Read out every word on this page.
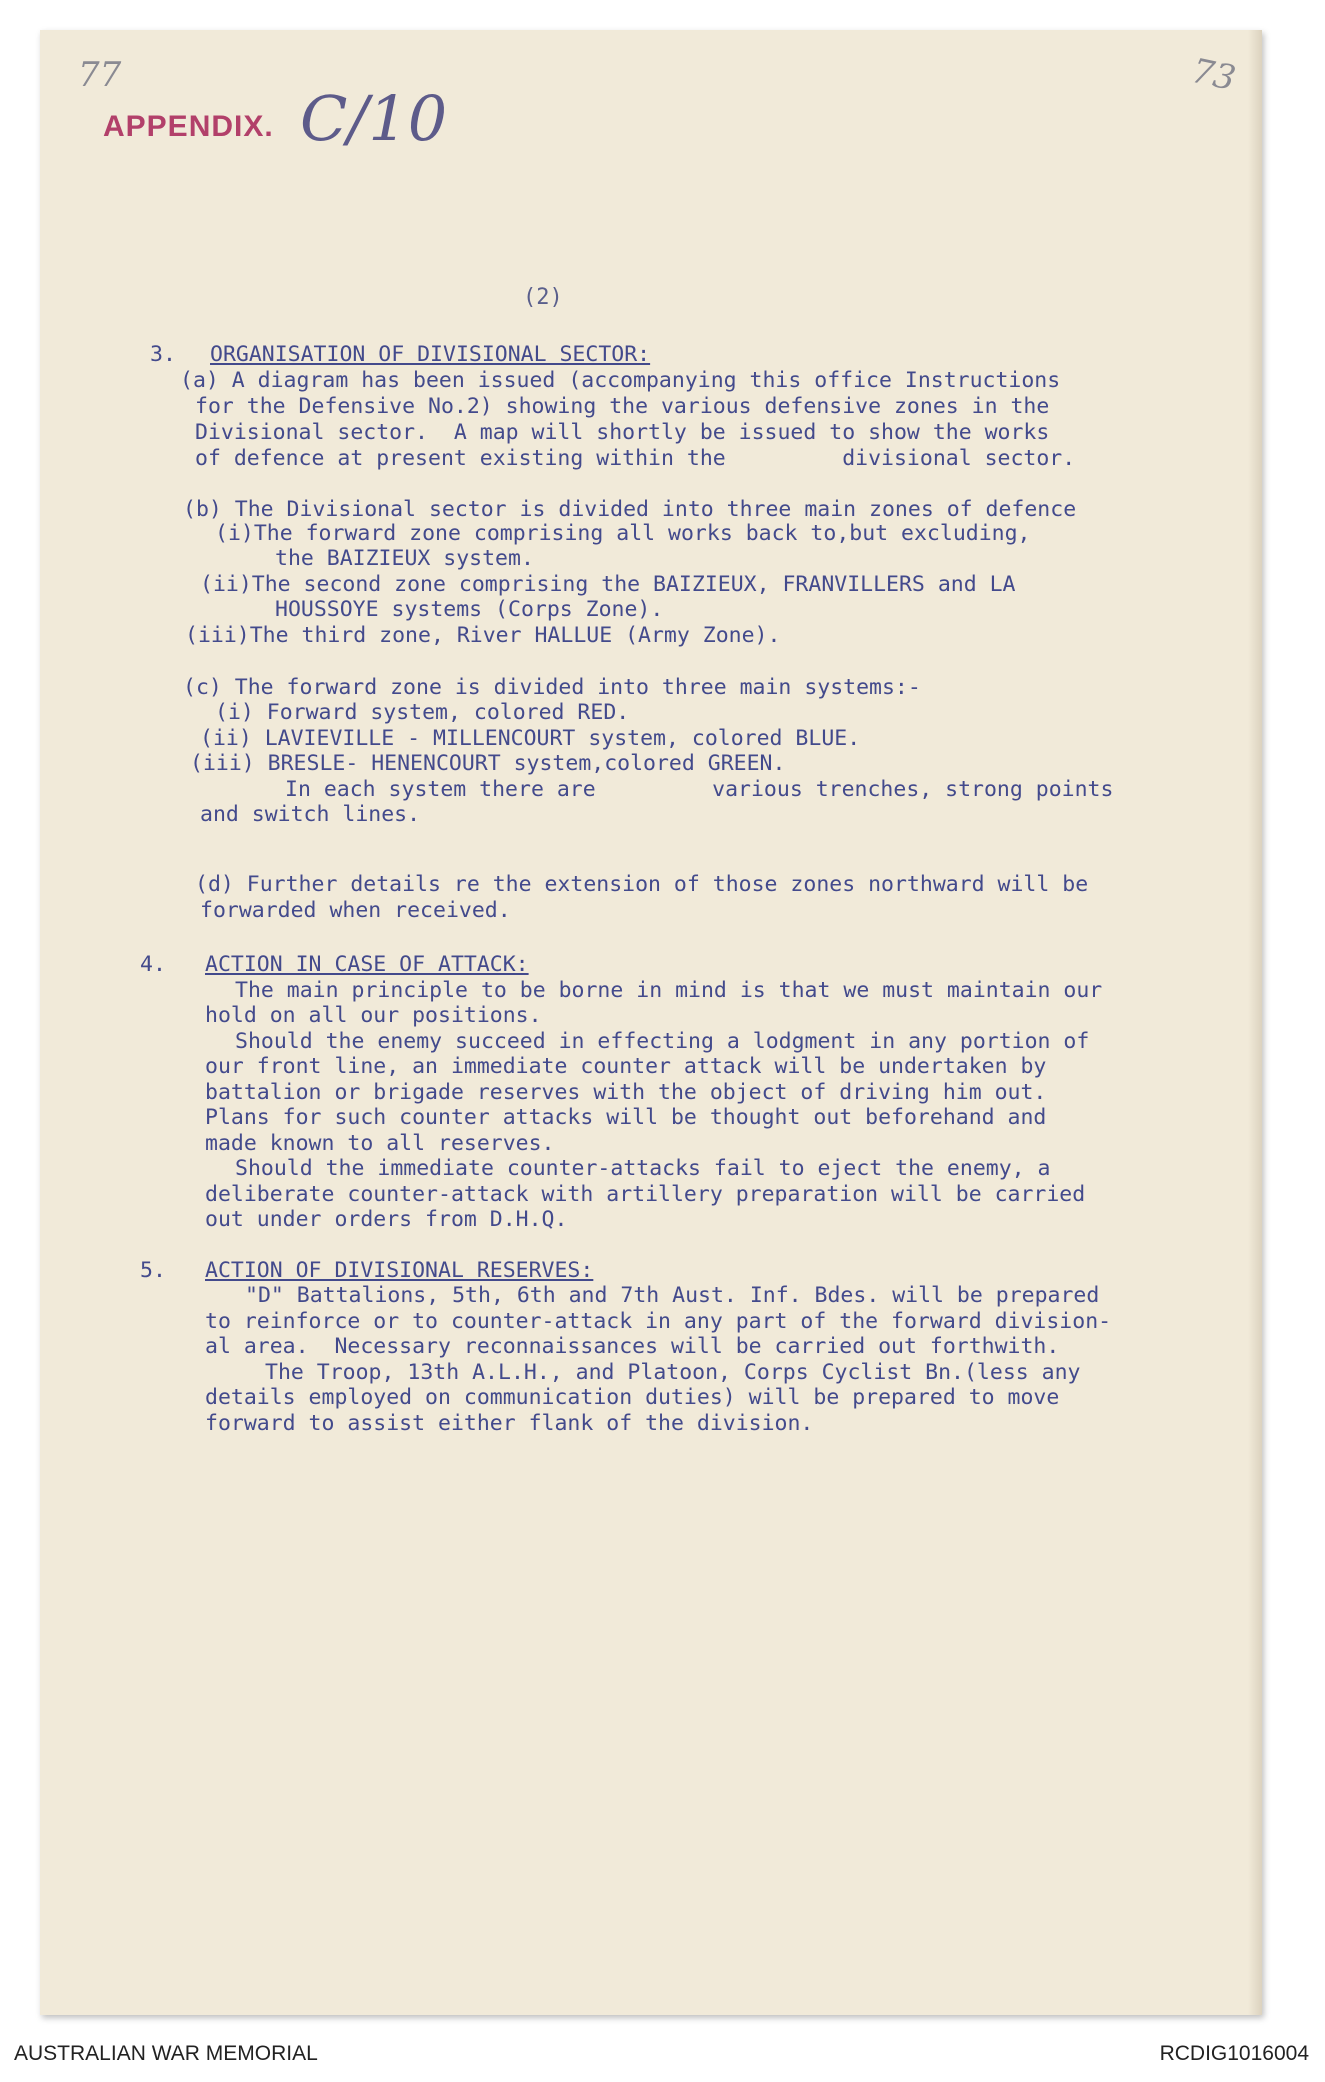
77	73
APPENDIX. C/10
(2)
3. ORGANISATION OF DIVISIONAL SECTOR:
(a) A diagram has been issued (accompanying this office Instructions
for the Defensive No.2) showing the various defensive zones in the
Divisional sector.  A map will shortly be issued to show the works
of defence at present existing within the         divisional sector.
(b) The Divisional sector is divided into three main zones of defence
(i)The forward zone comprising all works back to,but excluding,
the BAIZIEUX system.
(ii)The second zone comprising the BAIZIEUX, FRANVILLERS and LA
HOUSSOYE systems (Corps Zone).
(iii)The third zone, River HALLUE (Army Zone).
(c) The forward zone is divided into three main systems:-
(i) Forward system, colored RED.
(ii) LAVIEVILLE - MILLENCOURT system, colored BLUE.
(iii) BRESLE- HENENCOURT system,colored GREEN.
In each system there are         various trenches, strong points
and switch lines.
(d) Further details re the extension of those zones northward will be
forwarded when received.
4. ACTION IN CASE OF ATTACK:
The main principle to be borne in mind is that we must maintain our
hold on all our positions.
Should the enemy succeed in effecting a lodgment in any portion of
our front line, an immediate counter attack will be undertaken by
battalion or brigade reserves with the object of driving him out.
Plans for such counter attacks will be thought out beforehand and
made known to all reserves.
Should the immediate counter-attacks fail to eject the enemy, a
deliberate counter-attack with artillery preparation will be carried
out under orders from D.H.Q.
5. ACTION OF DIVISIONAL RESERVES:
"D" Battalions, 5th, 6th and 7th Aust. Inf. Bdes. will be prepared
to reinforce or to counter-attack in any part of the forward division-
al area.  Necessary reconnaissances will be carried out forthwith.
The Troop, 13th A.L.H., and Platoon, Corps Cyclist Bn.(less any
details employed on communication duties) will be prepared to move
forward to assist either flank of the division.
AUSTRALIAN WAR MEMORIAL	RCDIG1016004
